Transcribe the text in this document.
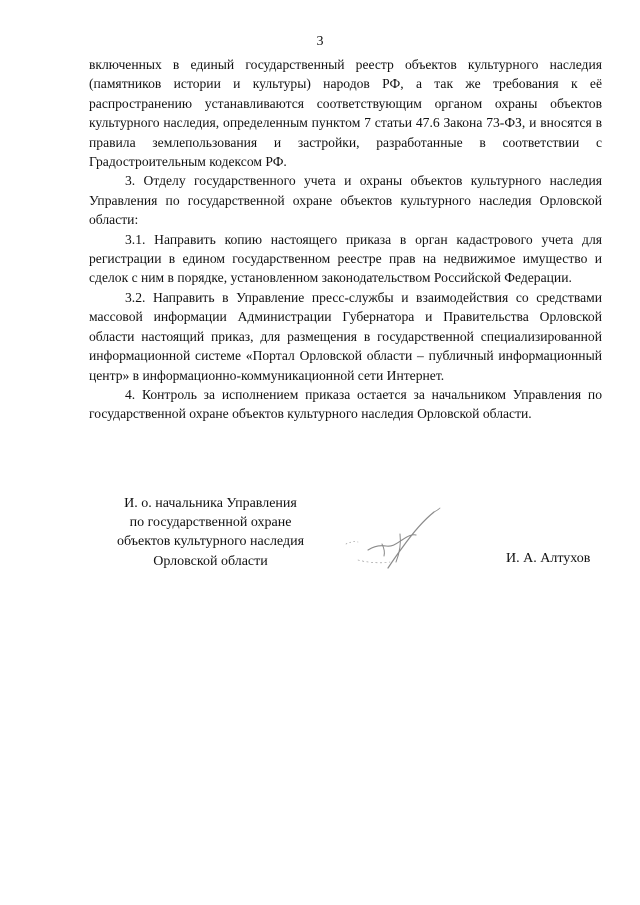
3

включенных в единый государственный реестр объектов культурного наследия (памятников истории и культуры) народов РФ, а так же требования к её распространению устанавливаются соответствующим органом охраны объектов культурного наследия, определенным пунктом 7 статьи 47.6 Закона 73-ФЗ, и вносятся в правила землепользования и застройки, разработанные в соответствии с Градостроительным кодексом РФ.

3. Отделу государственного учета и охраны объектов культурного наследия Управления по государственной охране объектов культурного наследия Орловской области:

3.1. Направить копию настоящего приказа в орган кадастрового учета для регистрации в едином государственном реестре прав на недвижимое имущество и сделок с ним в порядке, установленном законодательством Российской Федерации.

3.2. Направить в Управление пресс-службы и взаимодействия со средствами массовой информации Администрации Губернатора и Правительства Орловской области настоящий приказ, для размещения в государственной специализированной информационной системе «Портал Орловской области – публичный информационный центр» в информационно-коммуникационной сети Интернет.

4. Контроль за исполнением приказа остается за начальником Управления по государственной охране объектов культурного наследия Орловской области.

И. о. начальника Управления
по государственной охране
объектов культурного наследия
Орловской области	И. А. Алтухов
